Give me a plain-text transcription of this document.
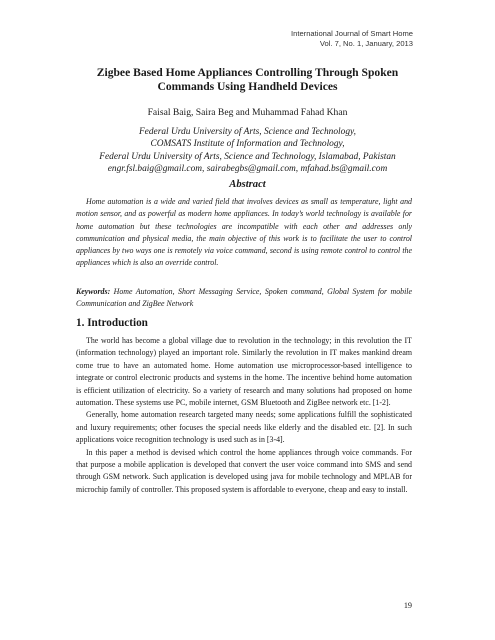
International Journal of Smart Home
Vol. 7, No. 1, January, 2013
Zigbee Based Home Appliances Controlling Through Spoken Commands Using Handheld Devices
Faisal Baig, Saira Beg and Muhammad Fahad Khan
Federal Urdu University of Arts, Science and Technology,
COMSATS Institute of Information and Technology,
Federal Urdu University of Arts, Science and Technology, Islamabad, Pakistan
engr.fsl.baig@gmail.com, sairabegbs@gmail.com, mfahad.bs@gmail.com
Abstract
Home automation is a wide and varied field that involves devices as small as temperature, light and motion sensor, and as powerful as modern home appliances. In today’s world technology is available for home automation but these technologies are incompatible with each other and addresses only communication and physical media, the main objective of this work is to facilitate the user to control appliances by two ways one is remotely via voice command, second is using remote control to control the appliances which is also an override control.
Keywords: Home Automation, Short Messaging Service, Spoken command, Global System for mobile Communication and ZigBee Network
1. Introduction

The world has become a global village due to revolution in the technology; in this revolution the IT (information technology) played an important role. Similarly the revolution in IT makes mankind dream come true to have an automated home. Home automation use microprocessor-based intelligence to integrate or control electronic products and systems in the home. The incentive behind home automation is efficient utilization of electricity. So a variety of research and many solutions had proposed on home automation. These systems use PC, mobile internet, GSM Bluetooth and ZigBee network etc. [1-2].

Generally, home automation research targeted many needs; some applications fulfill the sophisticated and luxury requirements; other focuses the special needs like elderly and the disabled etc. [2]. In such applications voice recognition technology is used such as in [3-4].

In this paper a method is devised which control the home appliances through voice commands. For that purpose a mobile application is developed that convert the user voice command into SMS and send through GSM network. Such application is developed using java for mobile technology and MPLAB for microchip family of controller. This proposed system is affordable to everyone, cheap and easy to install.

19
